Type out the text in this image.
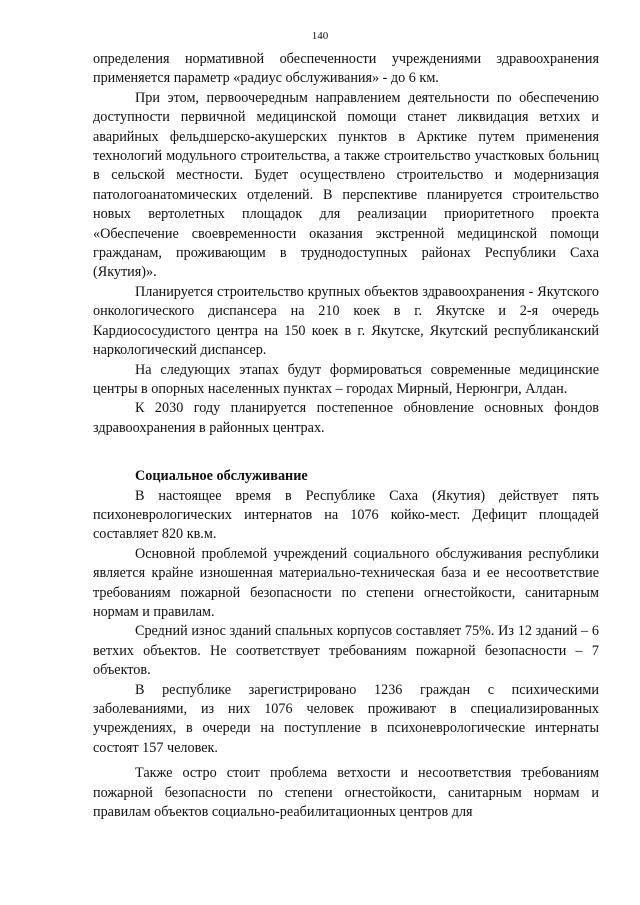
140

определения нормативной обеспеченности учреждениями здравоохранения применяется параметр «радиус обслуживания» - до 6 км.

При этом, первоочередным направлением деятельности по обеспечению доступности первичной медицинской помощи станет ликвидация ветхих и аварийных фельдшерско-акушерских пунктов в Арктике путем применения технологий модульного строительства, а также строительство участковых больниц в сельской местности. Будет осуществлено строительство и модернизация патологоанатомических отделений. В перспективе планируется строительство новых вертолетных площадок для реализации приоритетного проекта «Обеспечение своевременности оказания экстренной медицинской помощи гражданам, проживающим в труднодоступных районах Республики Саха (Якутия)».

Планируется строительство крупных объектов здравоохранения - Якутского онкологического диспансера на 210 коек в г. Якутске и 2-я очередь Кардиососудистого центра на 150 коек в г. Якутске, Якутский республиканский наркологический диспансер.

На следующих этапах будут формироваться современные медицинские центры в опорных населенных пунктах – городах Мирный, Нерюнгри, Алдан.

К 2030 году планируется постепенное обновление основных фондов здравоохранения в районных центрах.

Социальное обслуживание

В настоящее время в Республике Саха (Якутия) действует пять психоневрологических интернатов на 1076 койко-мест. Дефицит площадей составляет 820 кв.м.

Основной проблемой учреждений социального обслуживания республики является крайне изношенная материально-техническая база и ее несоответствие требованиям пожарной безопасности по степени огнестойкости, санитарным нормам и правилам.

Средний износ зданий спальных корпусов составляет 75%. Из 12 зданий – 6 ветхих объектов. Не соответствует требованиям пожарной безопасности – 7 объектов.

В республике зарегистрировано 1236 граждан с психическими заболеваниями, из них 1076 человек проживают в специализированных учреждениях, в очереди на поступление в психоневрологические интернаты состоят 157 человек.

Также остро стоит проблема ветхости и несоответствия требованиям пожарной безопасности по степени огнестойкости, санитарным нормам и правилам объектов социально-реабилитационных центров для
